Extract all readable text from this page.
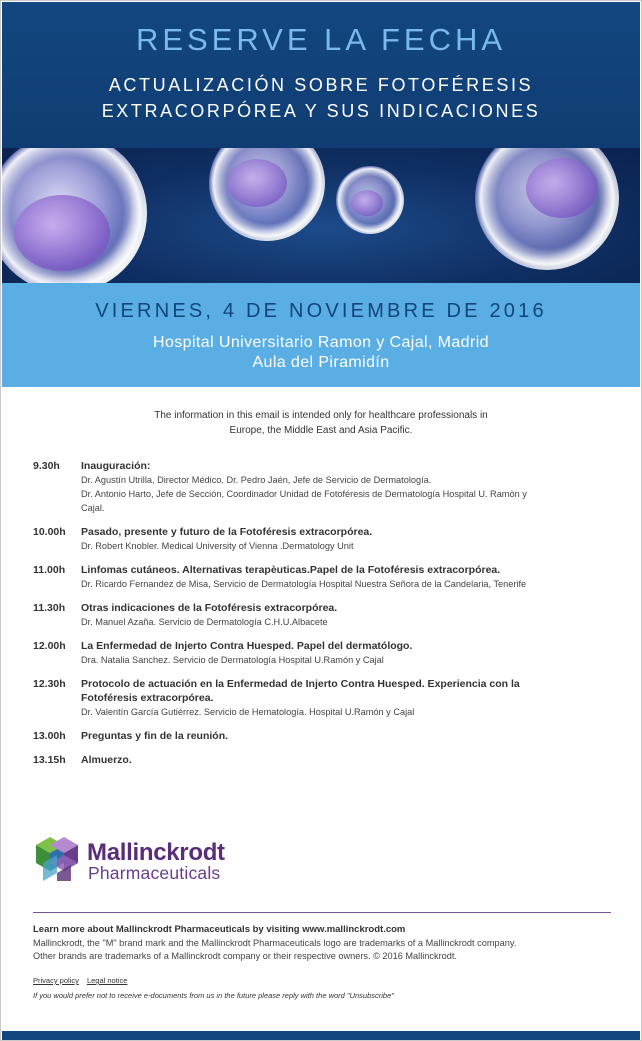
RESERVE LA FECHA
ACTUALIZACIÓN SOBRE FOTOFÉRESIS
EXTRACORPÓREA Y SUS INDICACIONES
VIERNES, 4 DE NOVIEMBRE DE 2016
Hospital Universitario Ramon y Cajal, Madrid
Aula del Piramidín
The information in this email is intended only for healthcare professionals in
Europe, the Middle East and Asia Pacific.
9.30h	Inauguración:
Dr. Agustín Utrilla, Director Médico. Dr. Pedro Jaén, Jefe de Servicio de Dermatología.
Dr. Antonio Harto, Jefe de Sección, Coordinador Unidad de Fotoféresis de Dermatología Hospital U. Ramòn y
Cajal.
10.00h	Pasado, presente y futuro de la Fotoféresis extracorpórea.
Dr. Robert Knobler. Medical University of Vienna .Dermatology Unit
11.00h	Linfomas cutáneos. Alternativas terapèuticas.Papel de la Fotoféresis extracorpórea.
Dr. Ricardo Fernandez de Misa, Servicio de Dermatología Hospital Nuestra Señora de la Candelaria, Tenerife
11.30h	Otras indicaciones de la Fotoféresis extracorpórea.
Dr. Manuel Azaña. Servicio de Dermatología C.H.U.Albacete
12.00h	La Enfermedad de Injerto Contra Huesped. Papel del dermatólogo.
Dra. Natalia Sanchez. Servicio de Dermatología Hospital U.Ramón y Cajal
12.30h	Protocolo de actuación en la Enfermedad de Injerto Contra Huesped. Experiencia con la
Fotoféresis extracorpórea.
Dr. Valentín García Gutiérrez. Servicio de Hematología. Hospital U.Ramón y Cajal
13.00h	Preguntas y fin de la reunión.
13.15h	Almuerzo.
Mallinckrodt
Pharmaceuticals
Learn more about Mallinckrodt Pharmaceuticals by visiting www.mallinckrodt.com
Mallinckrodt, the "M" brand mark and the Mallinckrodt Pharmaceuticals logo are trademarks of a Mallinckrodt company.
Other brands are trademarks of a Mallinckrodt company or their respective owners. © 2016 Mallinckrodt.
Privacy policy Legal notice
If you would prefer not to receive e-documents from us in the future please reply with the word "Unsubscribe"
